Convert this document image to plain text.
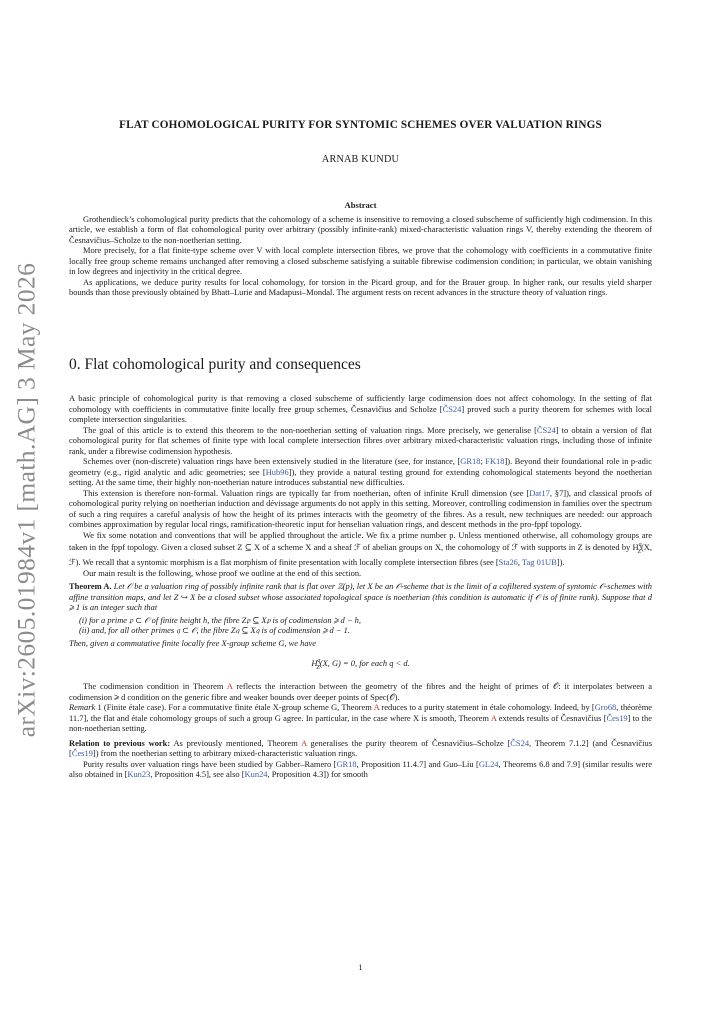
arXiv:2605.01984v1 [math.AG] 3 May 2026
FLAT COHOMOLOGICAL PURITY FOR SYNTOMIC SCHEMES OVER VALUATION RINGS
ARNAB KUNDU
Abstract

Grothendieck’s cohomological purity predicts that the cohomology of a scheme is insensitive to removing a closed subscheme of sufficiently high codimension. In this article, we establish a form of flat cohomological purity over arbitrary (possibly infinite-rank) mixed-characteristic valuation rings V, thereby extending the theorem of Česnavičius–Scholze to the non-noetherian setting.

More precisely, for a flat finite-type scheme over V with local complete intersection fibres, we prove that the cohomology with coefficients in a commutative finite locally free group scheme remains unchanged after removing a closed subscheme satisfying a suitable fibrewise codimension condition; in particular, we obtain vanishing in low degrees and injectivity in the critical degree.

As applications, we deduce purity results for local cohomology, for torsion in the Picard group, and for the Brauer group. In higher rank, our results yield sharper bounds than those previously obtained by Bhatt–Lurie and Madapusi–Mondal. The argument rests on recent advances in the structure theory of valuation rings.

0. Flat cohomological purity and consequences

A basic principle of cohomological purity is that removing a closed subscheme of sufficiently large codimension does not affect cohomology. In the setting of flat cohomology with coefficients in commutative finite locally free group schemes, Česnavičius and Scholze [ČS24] proved such a purity theorem for schemes with local complete intersection singularities.

The goal of this article is to extend this theorem to the non-noetherian setting of valuation rings. More precisely, we generalise [ČS24] to obtain a version of flat cohomological purity for flat schemes of finite type with local complete intersection fibres over arbitrary mixed-characteristic valuation rings, including those of infinite rank, under a fibrewise codimension hypothesis.

Schemes over (non-discrete) valuation rings have been extensively studied in the literature (see, for instance, [GR18; FK18]). Beyond their foundational role in p-adic geometry (e.g., rigid analytic and adic geometries; see [Hub96]), they provide a natural testing ground for extending cohomological statements beyond the noetherian setting. At the same time, their highly non-noetherian nature introduces substantial new difficulties.

This extension is therefore non-formal. Valuation rings are typically far from noetherian, often of infinite Krull dimension (see [Dat17, §7]), and classical proofs of cohomological purity relying on noetherian induction and dévissage arguments do not apply in this setting. Moreover, controlling codimension in families over the spectrum of such a ring requires a careful analysis of how the height of its primes interacts with the geometry of the fibres. As a result, new techniques are needed: our approach combines approximation by regular local rings, ramification-theoretic input for henselian valuation rings, and descent methods in the pro-fppf topology.

We fix some notation and conventions that will be applied throughout the article. We fix a prime number p. Unless mentioned otherwise, all cohomology groups are taken in the fppf topology. Given a closed subset Z ⊆ X of a scheme X and a sheaf ℱ of abelian groups on X, the cohomology of ℱ with supports in Z is denoted by $H^q_Z(X$, ℱ). We recall that a syntomic morphism is a flat morphism of finite presentation with locally complete intersection fibres (see [Sta26, Tag 01UB]).

Our main result is the following, whose proof we outline at the end of this section.

Theorem A. Let 𝒪 be a valuation ring of possibly infinite rank that is flat over ℤ(p), let X be an 𝒪-scheme that is the limit of a cofiltered system of syntomic 𝒪-schemes with affine transition maps, and let Z ↪ X be a closed subset whose associated topological space is noetherian (this condition is automatic if 𝒪 is of finite rank). Suppose that d ⩾ 1 is an integer such that

(i) for a prime 𝔭 ⊂ 𝒪 of finite height h, the fibre Z𝔭 ⊆ X𝔭 is of codimension ⩾ d − h,
(ii) and, for all other primes 𝔮 ⊂ 𝒪, the fibre Z𝔮 ⊆ X𝔮 is of codimension ⩾ d − 1.

Then, given a commutative finite locally free X-group scheme G, we have

$H^q_Z(X$, G) = 0, for each q < d.

The codimension condition in Theorem A reflects the interaction between the geometry of the fibres and the height of primes of 𝒪: it interpolates between a codimension ⩾ d condition on the generic fibre and weaker bounds over deeper points of Spec(𝒪).

Remark 1 (Finite étale case). For a commutative finite étale X-group scheme G, Theorem A reduces to a purity statement in étale cohomology. Indeed, by [Gro68, théorème 11.7], the flat and étale cohomology groups of such a group G agree. In particular, in the case where X is smooth, Theorem A extends results of Česnavičius [Čes19] to the non-noetherian setting.

Relation to previous work: As previously mentioned, Theorem A generalises the purity theorem of Česnavičius–Scholze [ČS24, Theorem 7.1.2] (and Česnavičius [Čes19]) from the noetherian setting to arbitrary mixed-characteristic valuation rings.

Purity results over valuation rings have been studied by Gabber–Ramero [GR18, Proposition 11.4.7] and Guo–Liu [GL24, Theorems 6.8 and 7.9] (similar results were also obtained in [Kun23, Proposition 4.5], see also [Kun24, Proposition 4.3]) for smooth

1
